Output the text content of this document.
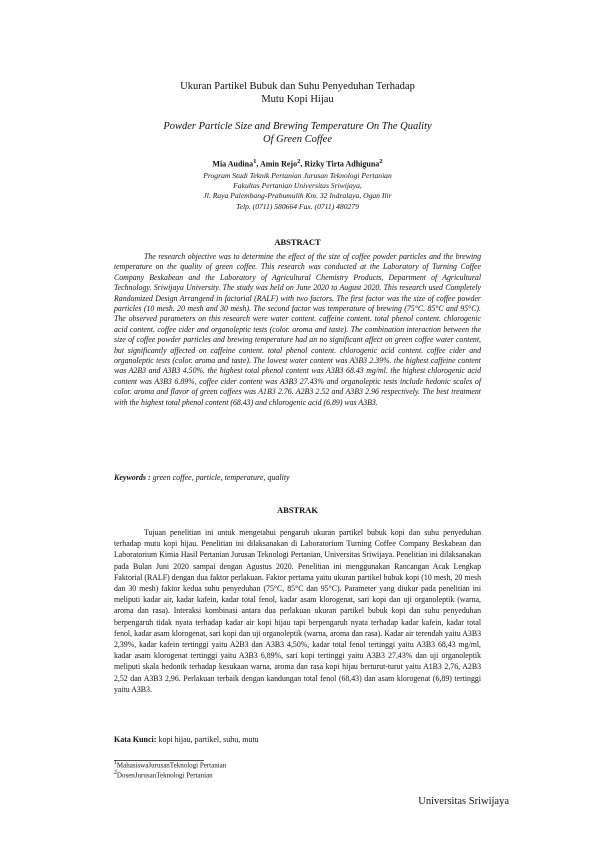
Ukuran Partikel Bubuk dan Suhu Penyeduhan Terhadap
Mutu Kopi Hijau
Powder Particle Size and Brewing Temperature On The Quality
Of Green Coffee
Mia Audina$^1$, Amin Rejo$^2$, Rizky Tirta Adhiguna$^2$
Program Studi Teknik Pertanian Jurusan Teknologi Pertanian
Fakultas Pertanian Universitas Sriwijaya,
Jl. Raya Palembang-Prabumulih Km. 32 Indralaya, Ogan Ilir
Telp. (0711) 580664 Fax. (0711) 480279
ABSTRACT
The research objective was to determine the effect of the size of coffee powder particles and the brewing temperature on the quality of green coffee. This research was conducted at the Laboratory of Turning Coffee Company Beskabean and the Laboratory of Agricultural Chemistry Products, Department of Agricultural Technology. Sriwijaya University. The study was held on June 2020 to August 2020. This research used Completely Randomized Design Arrangend in factorial (RALF) with two factors. The first factor was the size of coffee powder particles (10 mesh. 20 mesh and 30 mesh). The second factor was temperature of brewing (75°C. 85°C and 95°C). The observed parameters on this research were water content. caffeine content. total phenol content. chlorogenic acid content. coffee cider and organoleptic tests (color. aroma and taste). The combination interaction between the size of coffee powder particles and brewing temperature had an no significant affect on green coffee water content, but significantly affected on caffeine content. total phenol content. chlorogenic acid content. coffee cider and organoleptic tests (color. aroma and taste). The lowest water content was A3B3 2.39%. the highest caffeine content was A2B3 and A3B3 4.50%. the highest total phenol content was A3B3 68.43 mg/ml. the highest chlorogenic acid content was A3B3 6.89%, coffee cider content was A3B3 27.43% and organoleptic tests include hedonic scales of color. aroma and flavor of green coffees was A1B3 2.76. A2B3 2.52 and A3B3 2.96 respectively. The best treatment with the highest total phenol content (68.43) and chlorogenic acid (6.89) was A3B3.
Keywords : green coffee, particle, temperature, quality
ABSTRAK
Tujuan penelitian ini untuk mengetahui pengaruh ukuran partikel bubuk kopi dan suhu penyeduhan terhadap mutu kopi hijau. Penelitian ini dilaksanakan di Laboratorium Turning Coffee Company Beskabean dan Laboratorium Kimia Hasil Pertanian Jurusan Teknologi Pertanian, Universitas Sriwijaya. Penelitian ini dilaksanakan pada Bulan Juni 2020 sampai dengan Agustus 2020. Penelitian ini menggunakan Rancangan Acak Lengkap Faktorial (RALF) dengan dua faktor perlakuan. Faktor pertama yaitu ukuran partikel bubuk kopi (10 mesh, 20 mesh dan 30 mesh) faktor kedua suhu penyeduhan (75°C, 85°C dan 95°C). Parameter yang diukur pada penelitian ini meliputi kadar air, kadar kafein, kadar total fenol, kadar asam klorogenat, sari kopi dan uji organoleptik (warna, aroma dan rasa). Interaksi kombinasi antara dua perlakuan ukuran partikel bubuk kopi dan suhu penyeduhan berpengaruh tidak nyata terhadap kadar air kopi hijau tapi berpengaruh nyata terhadap kadar kafein, kadar total fenol, kadar asam klorogenat, sari kopi dan uji organoleptik (warna, aroma dan rasa). Kadar air terendah yaitu A3B3 2,39%, kadar kafein tertinggi yaitu A2B3 dan A3B3 4,50%, kadar total fenol tertinggi yaitu A3B3 68,43 mg/ml, kadar asam klorogenat tertinggi yaitu A3B3 6,89%, sari kopi tertinggi yaitu A3B3 27,43% dan uji organoleptik meliputi skala hedonik terhadap kesukaan warna, aroma dan rasa kopi hijau berturut-turut yaitu A1B3 2,76, A2B3 2,52 dan A3B3 2,96. Perlakuan terbaik dengan kandungan total fenol (68,43) dan asam klorogenat (6,89) tertinggi yaitu A3B3.
Kata Kunci: kopi hijau, partikel, suhu, mutu
$^1$MahasiswaJurusanTeknologi Pertanian
$^2$DosenJurusanTeknologi Pertanian
Universitas Sriwijaya
